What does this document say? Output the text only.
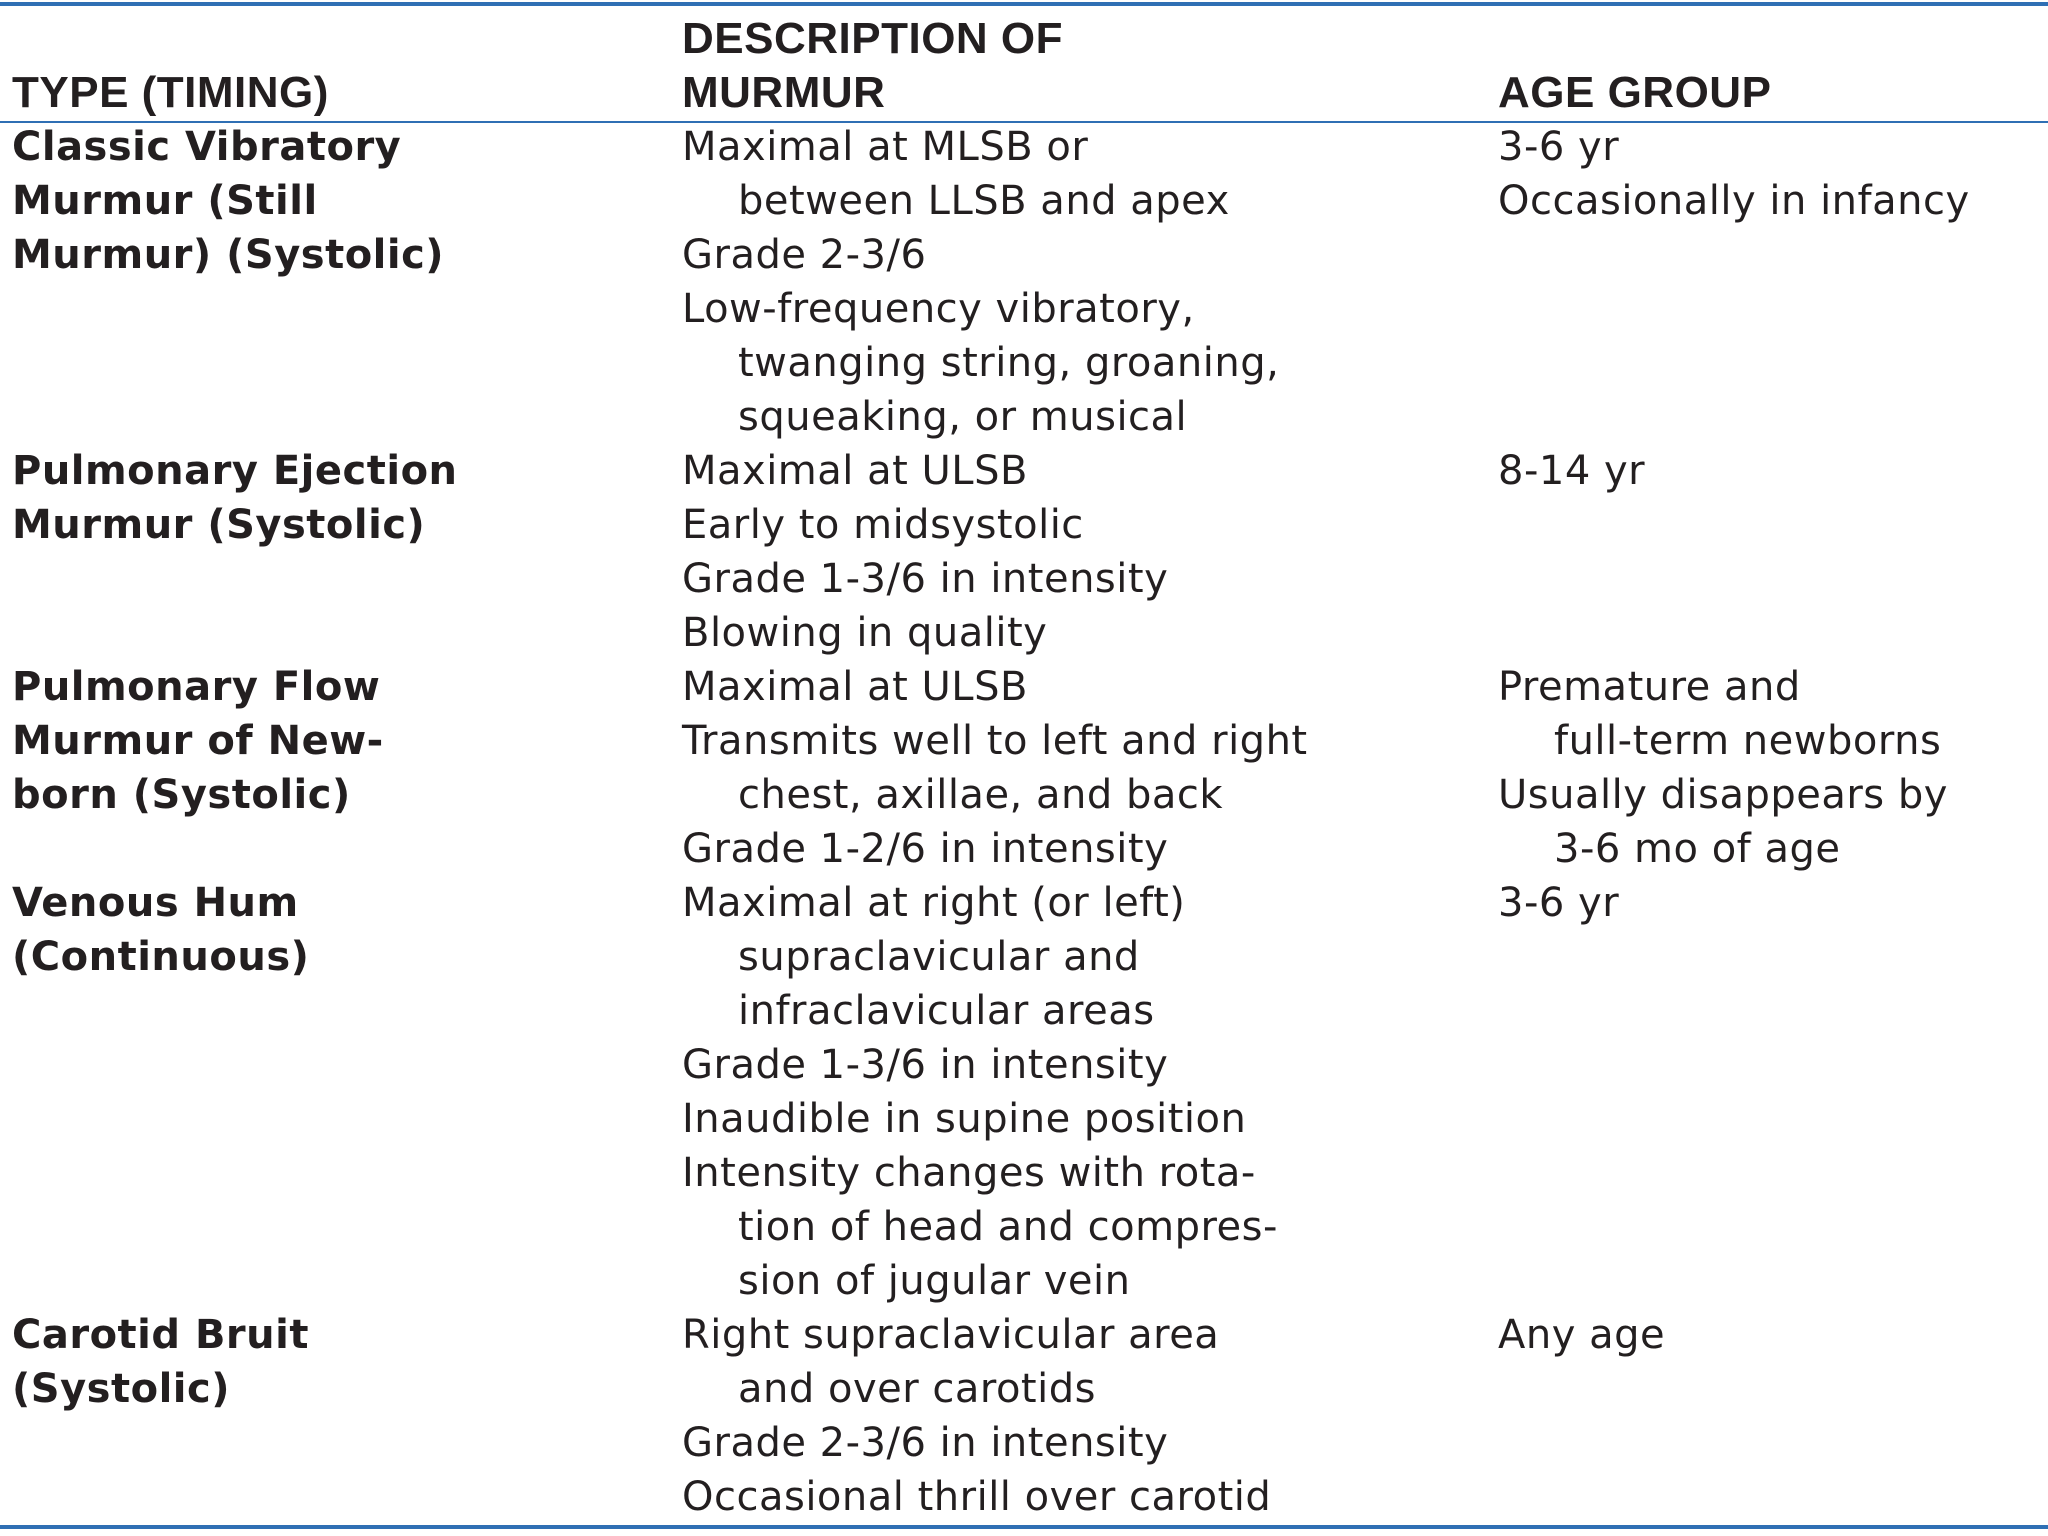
TYPE (TIMING)
DESCRIPTION OF
MURMUR	AGE GROUP
Classic Vibratory
Murmur (Still
Murmur) (Systolic)
Pulmonary Ejection
Murmur (Systolic)
Pulmonary Flow
Murmur of New-
born (Systolic)
Venous Hum
(Continuous)
Carotid Bruit
(Systolic)
Maximal at MLSB or
between LLSB and apex
Grade 2-3/6
Low-frequency vibratory,
twanging string, groaning,
squeaking, or musical
Maximal at ULSB
Early to midsystolic
Grade 1-3/6 in intensity
Blowing in quality
Maximal at ULSB
Transmits well to left and right
chest, axillae, and back
Grade 1-2/6 in intensity
Maximal at right (or left)
supraclavicular and
infraclavicular areas
Grade 1-3/6 in intensity
Inaudible in supine position
Intensity changes with rota-
tion of head and compres-
sion of jugular vein
Right supraclavicular area
and over carotids
Grade 2-3/6 in intensity
Occasional thrill over carotid
3-6 yr
Occasionally in infancy
8-14 yr
Premature and
full-term newborns
Usually disappears by
3-6 mo of age
3-6 yr
Any age
